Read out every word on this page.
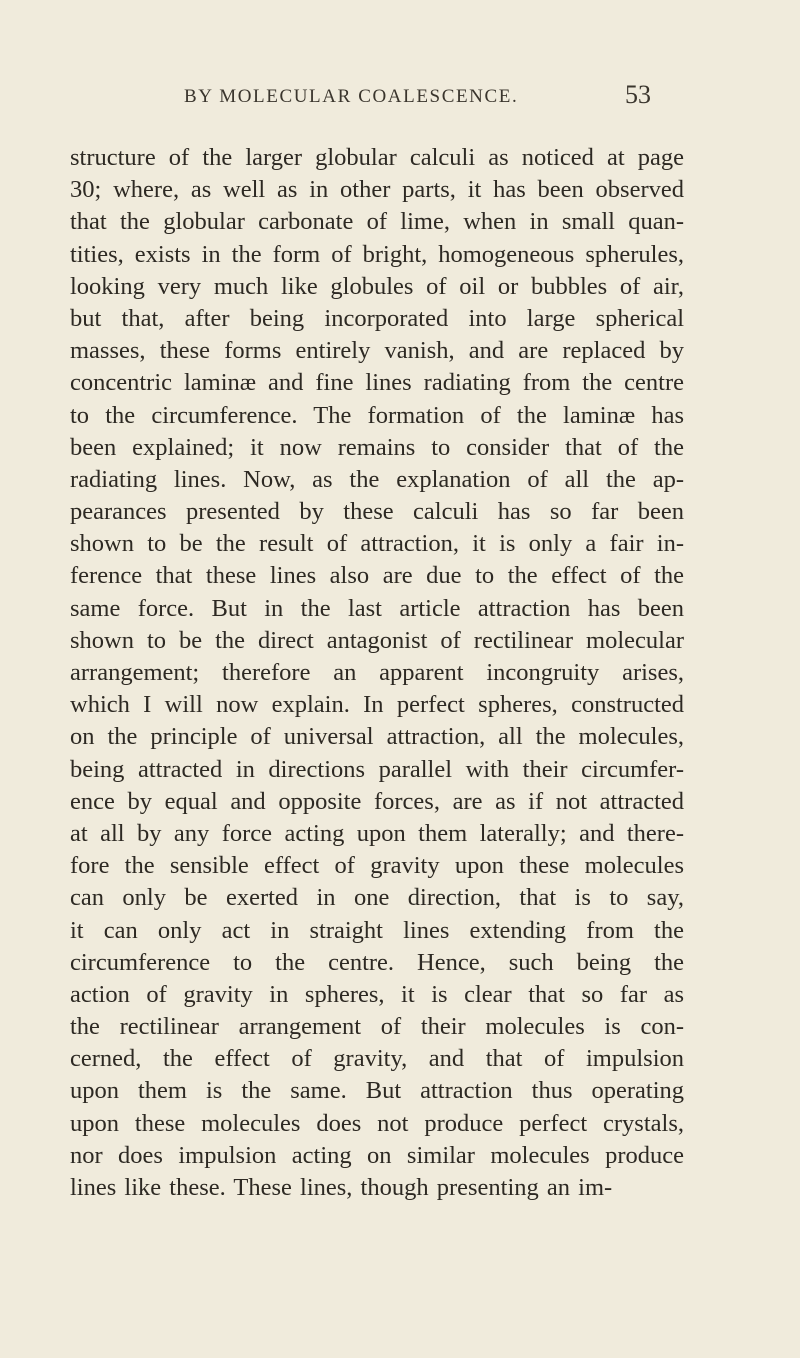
BY MOLECULAR COALESCENCE.	53
structure of the larger globular calculi as noticed at page
30; where, as well as in other parts, it has been observed
that the globular carbonate of lime, when in small quan-
tities, exists in the form of bright, homogeneous spherules,
looking very much like globules of oil or bubbles of air,
but that, after being incorporated into large spherical
masses, these forms entirely vanish, and are replaced by
concentric laminæ and fine lines radiating from the centre
to the circumference. The formation of the laminæ has
been explained; it now remains to consider that of the
radiating lines. Now, as the explanation of all the ap-
pearances presented by these calculi has so far been
shown to be the result of attraction, it is only a fair in-
ference that these lines also are due to the effect of the
same force. But in the last article attraction has been
shown to be the direct antagonist of rectilinear molecular
arrangement; therefore an apparent incongruity arises,
which I will now explain. In perfect spheres, constructed
on the principle of universal attraction, all the molecules,
being attracted in directions parallel with their circumfer-
ence by equal and opposite forces, are as if not attracted
at all by any force acting upon them laterally; and there-
fore the sensible effect of gravity upon these molecules
can only be exerted in one direction, that is to say,
it can only act in straight lines extending from the
circumference to the centre. Hence, such being the
action of gravity in spheres, it is clear that so far as
the rectilinear arrangement of their molecules is con-
cerned, the effect of gravity, and that of impulsion
upon them is the same. But attraction thus operating
upon these molecules does not produce perfect crystals,
nor does impulsion acting on similar molecules produce
lines like these. These lines, though presenting an im-
